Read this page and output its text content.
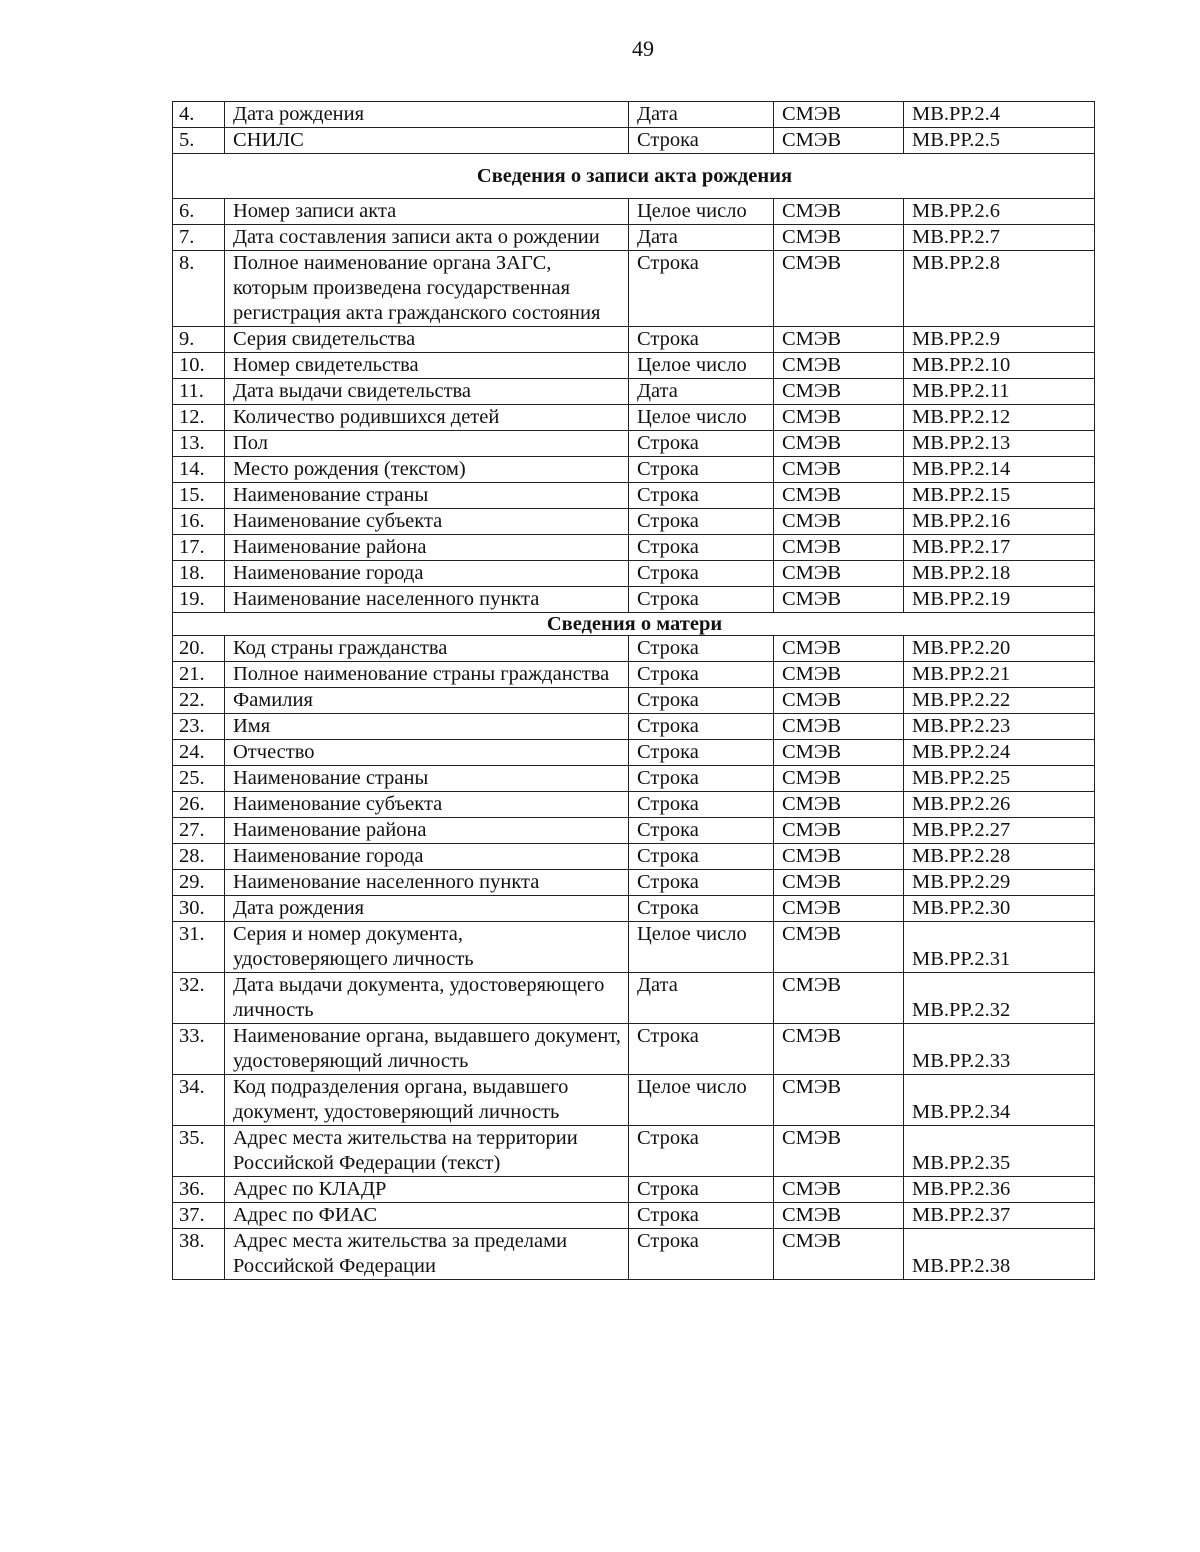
49
4.	Дата рождения	Дата	СМЭВ	МВ.РР.2.4
5.	СНИЛС	Строка	СМЭВ	МВ.РР.2.5
Сведения о записи акта рождения				
6.	Номер записи акта	Целое число	СМЭВ	МВ.РР.2.6
7.	Дата составления записи акта о рождении	Дата	СМЭВ	МВ.РР.2.7
8.	Полное наименование органа ЗАГС, которым произведена государственная регистрация акта гражданского состояния	Строка	СМЭВ	МВ.РР.2.8
9.	Серия свидетельства	Строка	СМЭВ	МВ.РР.2.9
10.	Номер свидетельства	Целое число	СМЭВ	МВ.РР.2.10
11.	Дата выдачи свидетельства	Дата	СМЭВ	МВ.РР.2.11
12.	Количество родившихся детей	Целое число	СМЭВ	МВ.РР.2.12
13.	Пол	Строка	СМЭВ	МВ.РР.2.13
14.	Место рождения (текстом)	Строка	СМЭВ	МВ.РР.2.14
15.	Наименование страны	Строка	СМЭВ	МВ.РР.2.15
16.	Наименование субъекта	Строка	СМЭВ	МВ.РР.2.16
17.	Наименование района	Строка	СМЭВ	МВ.РР.2.17
18.	Наименование города	Строка	СМЭВ	МВ.РР.2.18
19.	Наименование населенного пункта	Строка	СМЭВ	МВ.РР.2.19
Сведения о матери				
20.	Код страны гражданства	Строка	СМЭВ	МВ.РР.2.20
21.	Полное наименование страны гражданства	Строка	СМЭВ	МВ.РР.2.21
22.	Фамилия	Строка	СМЭВ	МВ.РР.2.22
23.	Имя	Строка	СМЭВ	МВ.РР.2.23
24.	Отчество	Строка	СМЭВ	МВ.РР.2.24
25.	Наименование страны	Строка	СМЭВ	МВ.РР.2.25
26.	Наименование субъекта	Строка	СМЭВ	МВ.РР.2.26
27.	Наименование района	Строка	СМЭВ	МВ.РР.2.27
28.	Наименование города	Строка	СМЭВ	МВ.РР.2.28
29.	Наименование населенного пункта	Строка	СМЭВ	МВ.РР.2.29
30.	Дата рождения	Строка	СМЭВ	МВ.РР.2.30
31.	Серия и номер документа, удостоверяющего личность	Целое число	СМЭВ	МВ.РР.2.31
32.	Дата выдачи документа, удостоверяющего личность	Дата	СМЭВ	МВ.РР.2.32
33.	Наименование органа, выдавшего документ, удостоверяющий личность	Строка	СМЭВ	МВ.РР.2.33
34.	Код подразделения органа, выдавшего документ, удостоверяющий личность	Целое число	СМЭВ	МВ.РР.2.34
35.	Адрес места жительства на территории Российской Федерации (текст)	Строка	СМЭВ	МВ.РР.2.35
36.	Адрес по КЛАДР	Строка	СМЭВ	МВ.РР.2.36
37.	Адрес по ФИАС	Строка	СМЭВ	МВ.РР.2.37
38.	Адрес места жительства за пределами Российской Федерации	Строка	СМЭВ	МВ.РР.2.38
